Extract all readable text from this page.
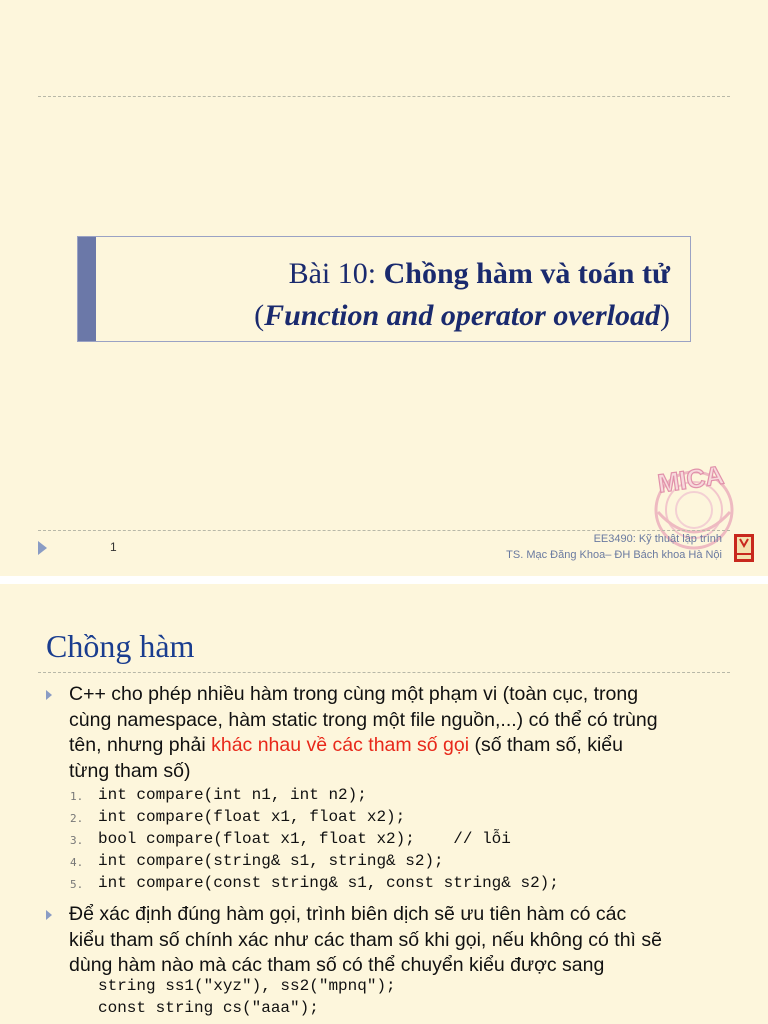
Bài 10: Chồng hàm và toán tử
(Function and operator overload)
MICA
1
EE3490: Kỹ thuật lập trình
TS. Mạc Đăng Khoa– ĐH Bách khoa Hà Nội
Chồng hàm
C++ cho phép nhiều hàm trong cùng một phạm vi (toàn cục, trong
cùng namespace, hàm static trong một file nguồn,...) có thể có trùng
tên, nhưng phải khác nhau về các tham số gọi (số tham số, kiểu
từng tham số)
1. int compare(int n1, int n2);
2. int compare(float x1, float x2);
3. bool compare(float x1, float x2);    // lỗi
4. int compare(string& s1, string& s2);
5. int compare(const string& s1, const string& s2);
Để xác định đúng hàm gọi, trình biên dịch sẽ ưu tiên hàm có các
kiểu tham số chính xác như các tham số khi gọi, nếu không có thì sẽ
dùng hàm nào mà các tham số có thể chuyển kiểu được sang
string ss1("xyz"), ss2("mpnq");
const string cs("aaa");
